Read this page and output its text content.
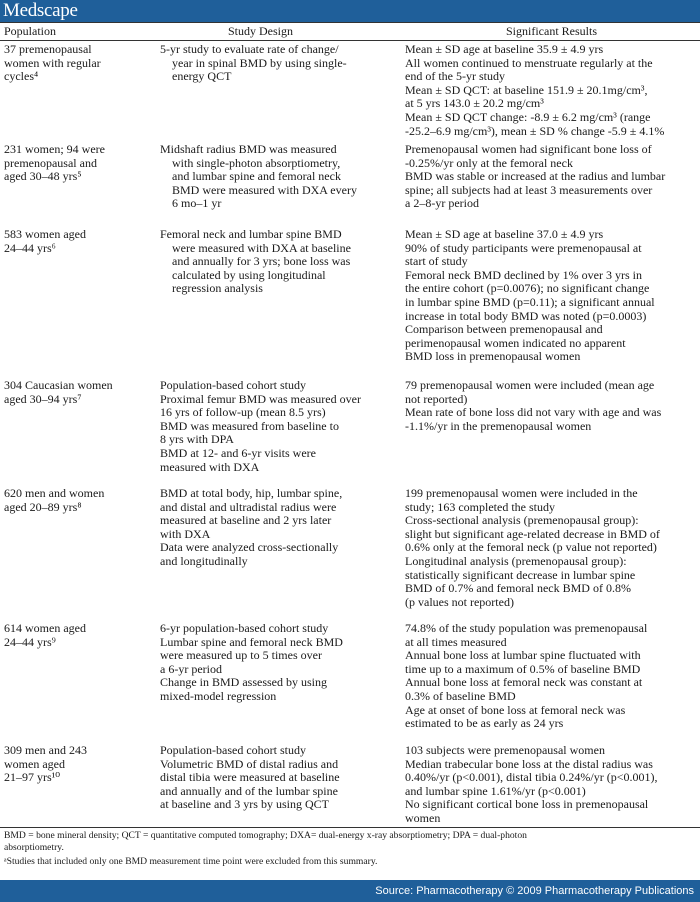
Medscape
Population	Study Design	Significant Results
37 premenopausal
women with regular
cycles⁴
5-yr study to evaluate rate of change/
year in spinal BMD by using single-
energy QCT
Mean ± SD age at baseline 35.9 ± 4.9 yrs
All women continued to menstruate regularly at the
end of the 5-yr study
Mean ± SD QCT: at baseline 151.9 ± 20.1mg/cm³,
at 5 yrs 143.0 ± 20.2 mg/cm³
Mean ± SD QCT change: -8.9 ± 6.2 mg/cm³ (range
-25.2–6.9 mg/cm³), mean ± SD % change -5.9 ± 4.1%
231 women; 94 were
premenopausal and
aged 30–48 yrs⁵
Midshaft radius BMD was measured
with single-photon absorptiometry,
and lumbar spine and femoral neck
BMD were measured with DXA every
6 mo–1 yr
Premenopausal women had significant bone loss of
-0.25%/yr only at the femoral neck
BMD was stable or increased at the radius and lumbar
spine; all subjects had at least 3 measurements over
a 2–8-yr period
583 women aged
24–44 yrs⁶
Femoral neck and lumbar spine BMD
were measured with DXA at baseline
and annually for 3 yrs; bone loss was
calculated by using longitudinal
regression analysis
Mean ± SD age at baseline 37.0 ± 4.9 yrs
90% of study participants were premenopausal at
start of study
Femoral neck BMD declined by 1% over 3 yrs in
the entire cohort (p=0.0076); no significant change
in lumbar spine BMD (p=0.11); a significant annual
increase in total body BMD was noted (p=0.0003)
Comparison between premenopausal and
perimenopausal women indicated no apparent
BMD loss in premenopausal women
304 Caucasian women
aged 30–94 yrs⁷
Population-based cohort study
Proximal femur BMD was measured over
16 yrs of follow-up (mean 8.5 yrs)
BMD was measured from baseline to
8 yrs with DPA
BMD at 12- and 6-yr visits were
measured with DXA
79 premenopausal women were included (mean age
not reported)
Mean rate of bone loss did not vary with age and was
-1.1%/yr in the premenopausal women
620 men and women
aged 20–89 yrs⁸
BMD at total body, hip, lumbar spine,
and distal and ultradistal radius were
measured at baseline and 2 yrs later
with DXA
Data were analyzed cross-sectionally
and longitudinally
199 premenopausal women were included in the
study; 163 completed the study
Cross-sectional analysis (premenopausal group):
slight but significant age-related decrease in BMD of
0.6% only at the femoral neck (p value not reported)
Longitudinal analysis (premenopausal group):
statistically significant decrease in lumbar spine
BMD of 0.7% and femoral neck BMD of 0.8%
(p values not reported)
614 women aged
24–44 yrs⁹
6-yr population-based cohort study
Lumbar spine and femoral neck BMD
were measured up to 5 times over
a 6-yr period
Change in BMD assessed by using
mixed-model regression
74.8% of the study population was premenopausal
at all times measured
Annual bone loss at lumbar spine fluctuated with
time up to a maximum of 0.5% of baseline BMD
Annual bone loss at femoral neck was constant at
0.3% of baseline BMD
Age at onset of bone loss at femoral neck was
estimated to be as early as 24 yrs
309 men and 243
women aged
21–97 yrs¹⁰
Population-based cohort study
Volumetric BMD of distal radius and
distal tibia were measured at baseline
and annually and of the lumbar spine
at baseline and 3 yrs by using QCT
103 subjects were premenopausal women
Median trabecular bone loss at the distal radius was
0.40%/yr (p<0.001), distal tibia 0.24%/yr (p<0.001),
and lumbar spine 1.61%/yr (p<0.001)
No significant cortical bone loss in premenopausal
women
BMD = bone mineral density; QCT = quantitative computed tomography; DXA= dual-energy x-ray absorptiometry; DPA = dual-photon
absorptiometry.
ᵃStudies that included only one BMD measurement time point were excluded from this summary.
Source: Pharmacotherapy © 2009 Pharmacotherapy Publications
